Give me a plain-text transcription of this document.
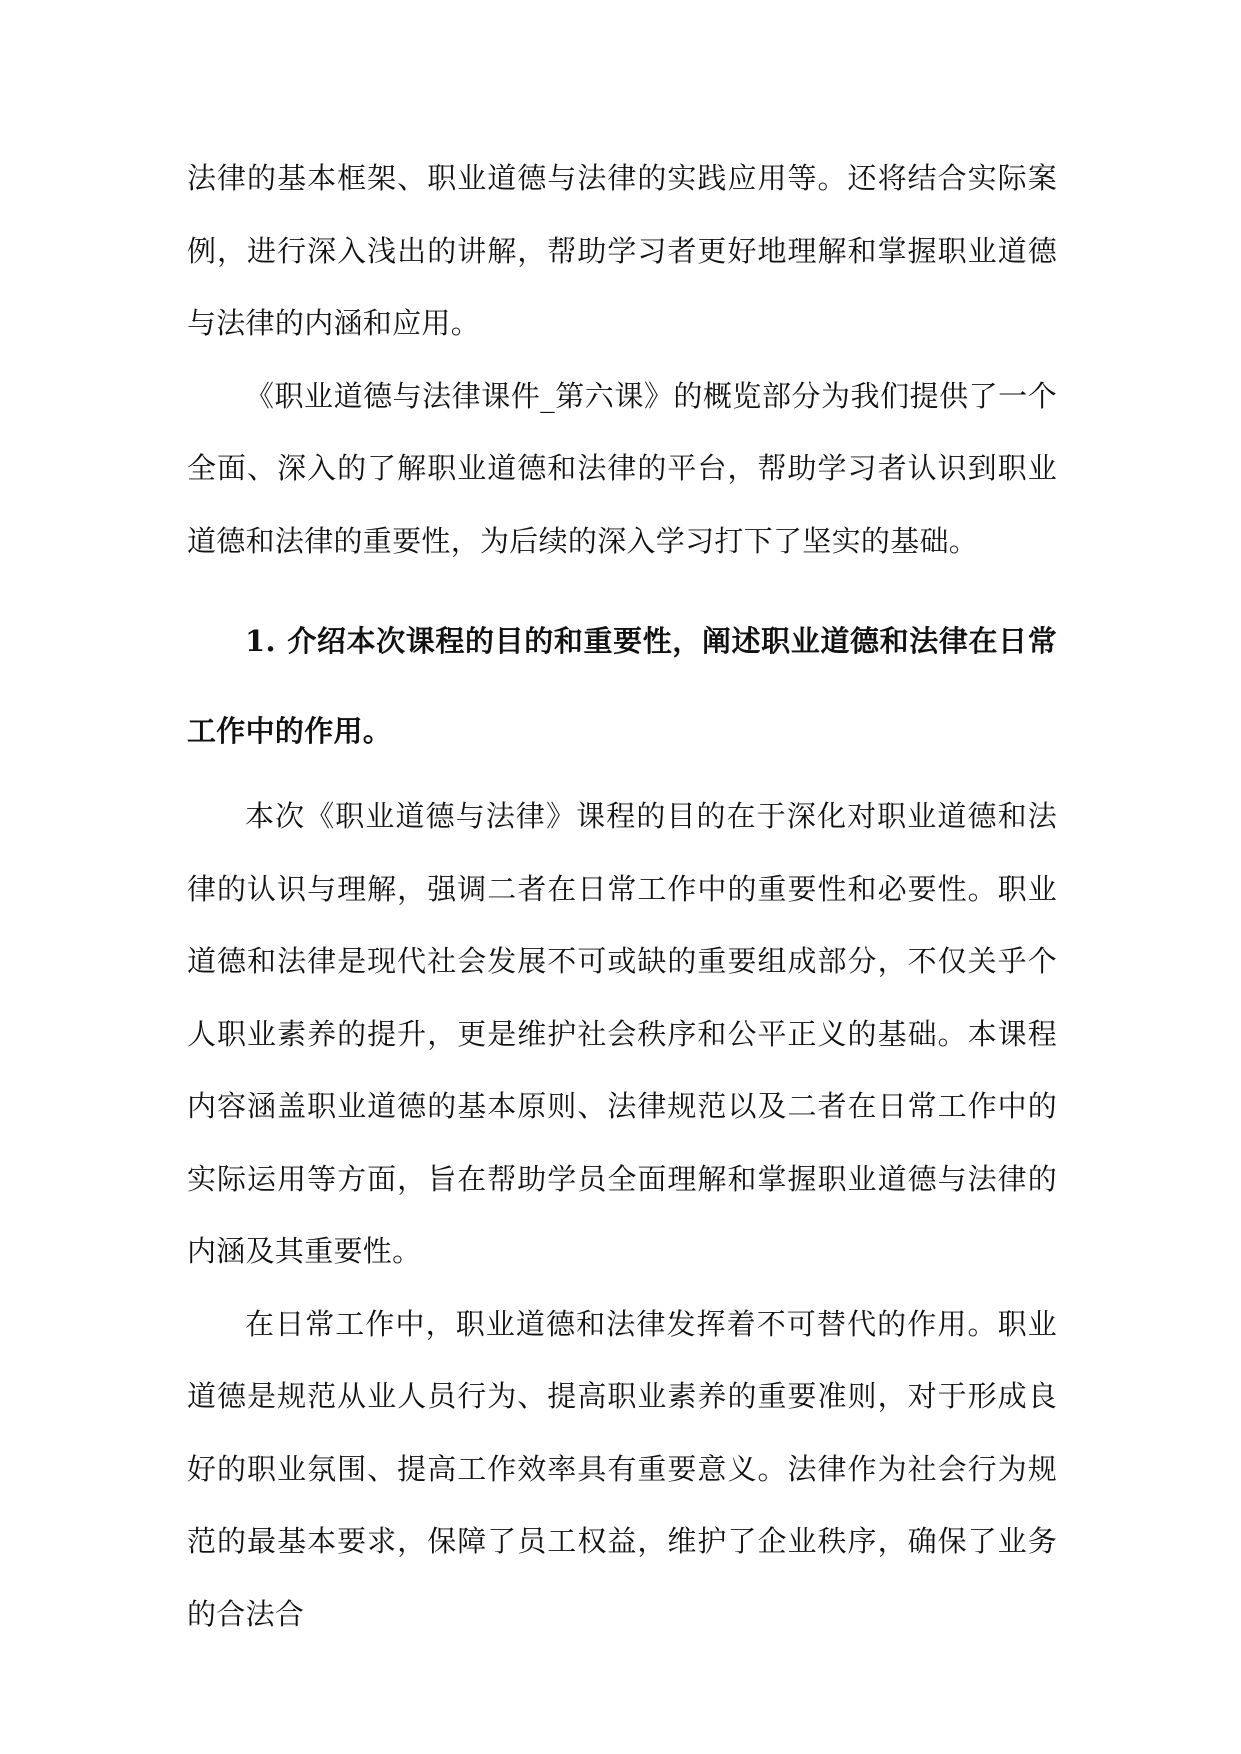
法律的基本框架、职业道德与法律的实践应用等。还将结合实际案例，进行深入浅出的讲解，帮助学习者更好地理解和掌握职业道德与法律的内涵和应用。

《职业道德与法律课件_第六课》的概览部分为我们提供了一个全面、深入的了解职业道德和法律的平台，帮助学习者认识到职业道德和法律的重要性，为后续的深入学习打下了坚实的基础。

1. 介绍本次课程的目的和重要性，阐述职业道德和法律在日常工作中的作用。

本次《职业道德与法律》课程的目的在于深化对职业道德和法律的认识与理解，强调二者在日常工作中的重要性和必要性。职业道德和法律是现代社会发展不可或缺的重要组成部分，不仅关乎个人职业素养的提升，更是维护社会秩序和公平正义的基础。本课程内容涵盖职业道德的基本原则、法律规范以及二者在日常工作中的实际运用等方面，旨在帮助学员全面理解和掌握职业道德与法律的内涵及其重要性。

在日常工作中，职业道德和法律发挥着不可替代的作用。职业道德是规范从业人员行为、提高职业素养的重要准则，对于形成良好的职业氛围、提高工作效率具有重要意义。法律作为社会行为规范的最基本要求，保障了员工权益，维护了企业秩序，确保了业务的合法合
